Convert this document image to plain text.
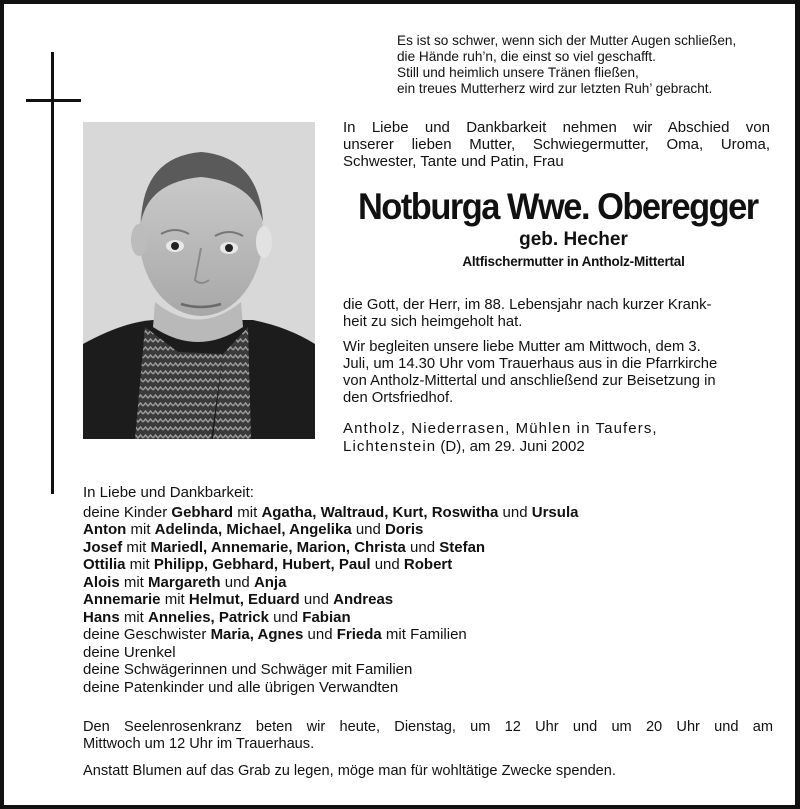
Es ist so schwer, wenn sich der Mutter Augen schließen,
die Hände ruh’n, die einst so viel geschafft.
Still und heimlich unsere Tränen fließen,
ein treues Mutterherz wird zur letzten Ruh’ gebracht.
In Liebe und Dankbarkeit nehmen wir Abschied von
unserer lieben Mutter, Schwiegermutter, Oma, Uroma,
Schwester, Tante und Patin, Frau
Notburga Wwe. Oberegger
geb. Hecher
Altfischermutter in Antholz-Mittertal
die Gott, der Herr, im 88. Lebensjahr nach kurzer Krank-
heit zu sich heimgeholt hat.
Wir begleiten unsere liebe Mutter am Mittwoch, dem 3.
Juli, um 14.30 Uhr vom Trauerhaus aus in die Pfarrkirche
von Antholz-Mittertal und anschließend zur Beisetzung in
den Ortsfriedhof.
Antholz, Niederrasen, Mühlen in Taufers,
Lichtenstein (D), am 29. Juni 2002
In Liebe und Dankbarkeit:
deine Kinder Gebhard mit Agatha, Waltraud, Kurt, Roswitha und Ursula
Anton mit Adelinda, Michael, Angelika und Doris
Josef mit Mariedl, Annemarie, Marion, Christa und Stefan
Ottilia mit Philipp, Gebhard, Hubert, Paul und Robert
Alois mit Margareth und Anja
Annemarie mit Helmut, Eduard und Andreas
Hans mit Annelies, Patrick und Fabian
deine Geschwister Maria, Agnes und Frieda mit Familien
deine Urenkel
deine Schwägerinnen und Schwäger mit Familien
deine Patenkinder und alle übrigen Verwandten
Den Seelenrosenkranz beten wir heute, Dienstag, um 12 Uhr und um 20 Uhr und am
Mittwoch um 12 Uhr im Trauerhaus.
Anstatt Blumen auf das Grab zu legen, möge man für wohltätige Zwecke spenden.
